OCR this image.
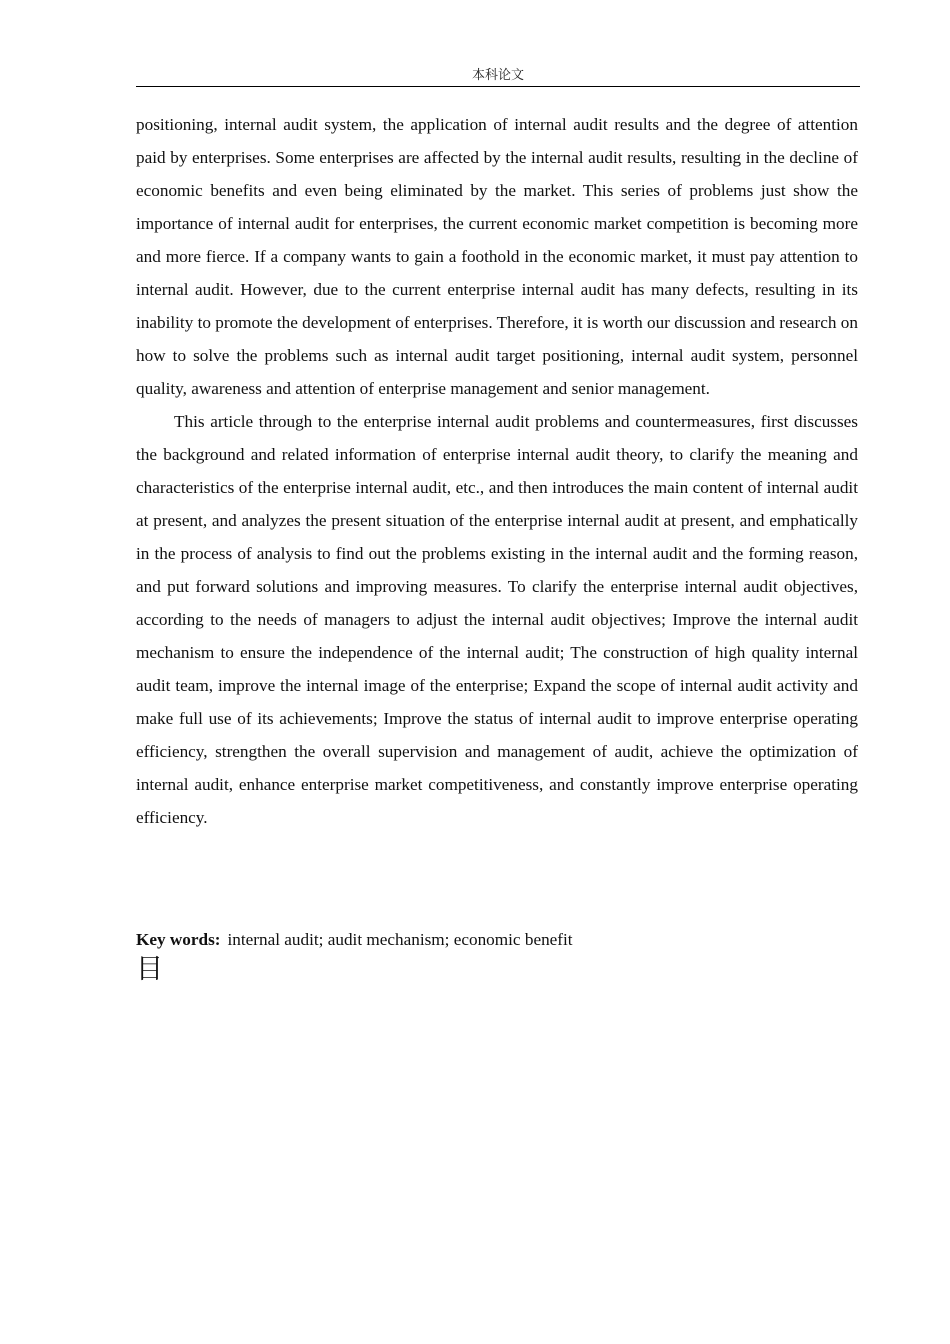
本科论文

positioning, internal audit system, the application of internal audit results and the degree of attention paid by enterprises. Some enterprises are affected by the internal audit results, resulting in the decline of economic benefits and even being eliminated by the market. This series of problems just show the importance of internal audit for enterprises, the current economic market competition is becoming more and more fierce. If a company wants to gain a foothold in the economic market, it must pay attention to internal audit. However, due to the current enterprise internal audit has many defects, resulting in its inability to promote the development of enterprises. Therefore, it is worth our discussion and research on how to solve the problems such as internal audit target positioning, internal audit system, personnel quality, awareness and attention of enterprise management and senior management.

This article through to the enterprise internal audit problems and countermeasures, first discusses the background and related information of enterprise internal audit theory, to clarify the meaning and characteristics of the enterprise internal audit, etc., and then introduces the main content of internal audit at present, and analyzes the present situation of the enterprise internal audit at present, and emphatically in the process of analysis to find out the problems existing in the internal audit and the forming reason, and put forward solutions and improving measures. To clarify the enterprise internal audit objectives, according to the needs of managers to adjust the internal audit objectives; Improve the internal audit mechanism to ensure the independence of the internal audit; The construction of high quality internal audit team, improve the internal image of the enterprise; Expand the scope of internal audit activity and make full use of its achievements; Improve the status of internal audit to improve enterprise operating efficiency, strengthen the overall supervision and management of audit, achieve the optimization of internal audit, enhance enterprise market competitiveness, and constantly improve enterprise operating efficiency.

Key words: internal audit; audit mechanism; economic benefit
目
